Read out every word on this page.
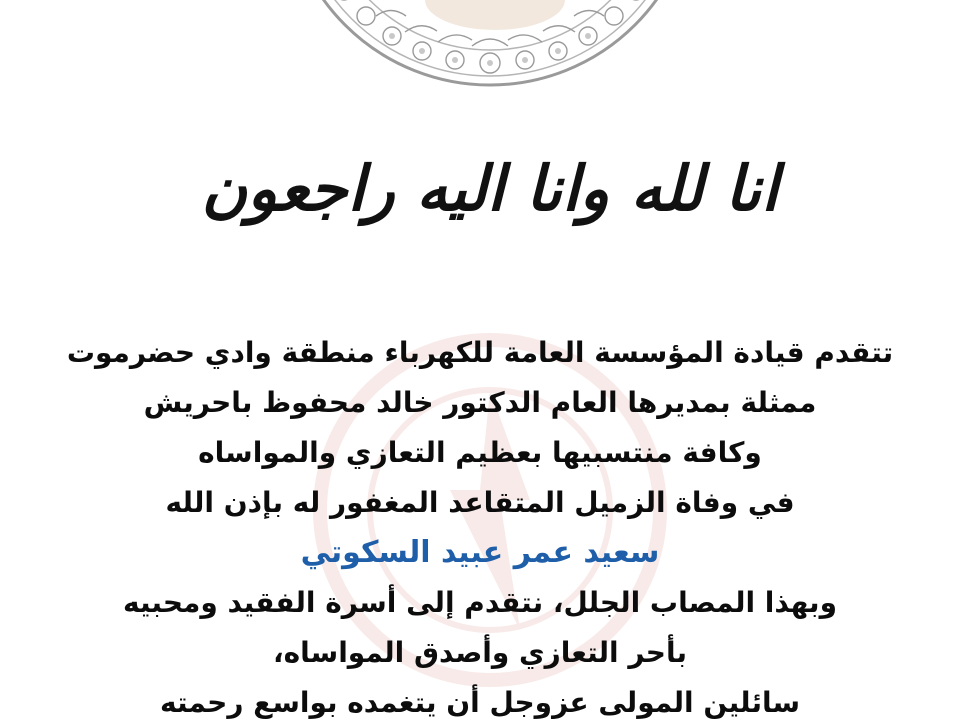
انا لله وانا اليه راجعون
تتقدم قيادة المؤسسة العامة للكهرباء منطقة وادي حضرموت
ممثلة بمديرها العام الدكتور خالد محفوظ باحريش
وكافة منتسبيها بعظيم التعازي والمواساه
في وفاة الزميل المتقاعد المغفور له بإذن الله
سعيد عمر عبيد السكوتي
وبهذا المصاب الجلل، نتقدم إلى أسرة الفقيد ومحبيه
بأحر التعازي وأصدق المواساه،
سائلين المولى عزوجل أن يتغمده بواسع رحمته
